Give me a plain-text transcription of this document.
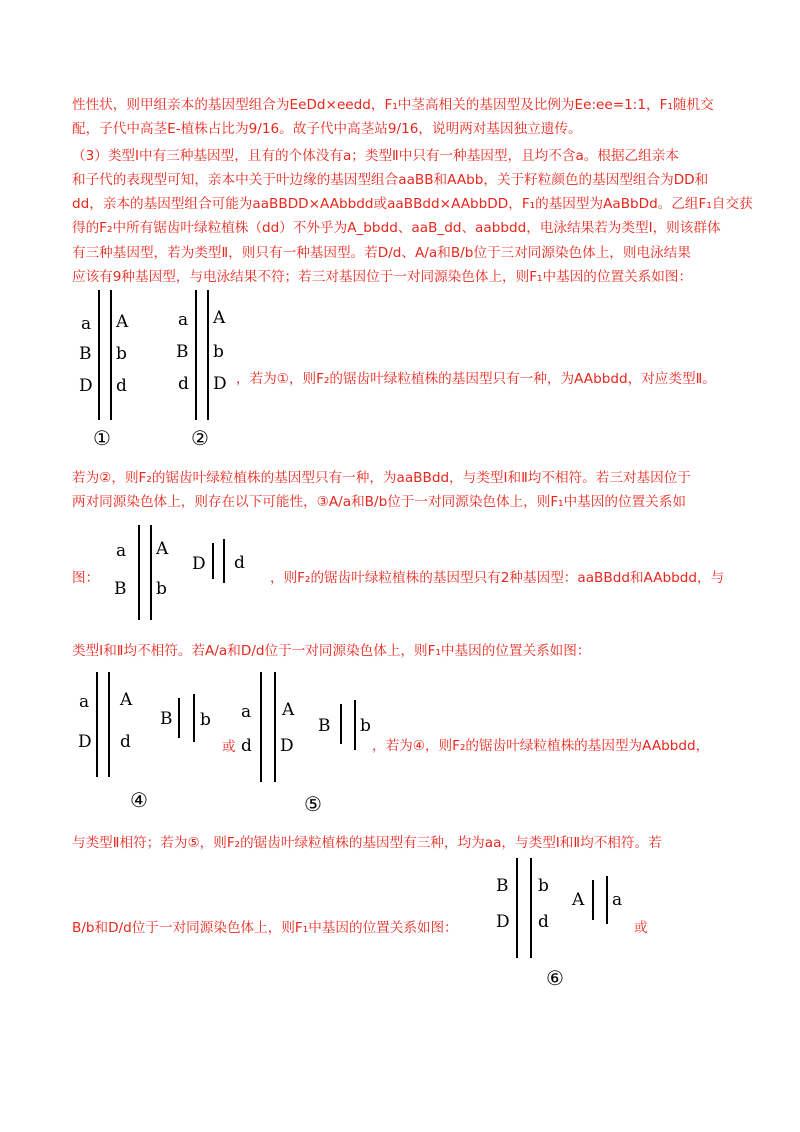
性性状，则甲组亲本的基因型组合为EeDd×eedd，F₁中茎高相关的基因型及比例为Ee:ee=1:1，F₁随机交

配，子代中高茎E-植株占比为9/16。故子代中高茎站9/16，说明两对基因独立遗传。

（3）类型Ⅰ中有三种基因型，且有的个体没有a；类型Ⅱ中只有一种基因型，且均不含a。根据乙组亲本

和子代的表现型可知，亲本中关于叶边缘的基因型组合aaBB和AAbb，关于籽粒颜色的基因型组合为DD和

dd，亲本的基因型组合可能为aaBBDD×AAbbdd或aaBBdd×AAbbDD，F₁的基因型为AaBbDd。乙组F₁自交获

得的F₂中所有锯齿叶绿粒植株（dd）不外乎为A_bbdd、aaB_dd、aabbdd，电泳结果若为类型Ⅰ，则该群体

有三种基因型，若为类型Ⅱ，则只有一种基因型。若D/d、A/a和B/b位于三对同源染色体上，则电泳结果

应该有9种基因型，与电泳结果不符；若三对基因位于一对同源染色体上，则F₁中基因的位置关系如图：

a
B
D
A
b
d
①
a
B
d
A
b
D
②
，若为①，则F₂的锯齿叶绿粒植株的基因型只有一种，为AAbbdd，对应类型Ⅱ。

若为②，则F₂的锯齿叶绿粒植株的基因型只有一种，为aaBBdd，与类型Ⅰ和Ⅱ均不相符。若三对基因位于

两对同源染色体上，则存在以下可能性，③A/a和B/b位于一对同源染色体上，则F₁中基因的位置关系如

图：
a
B
A
b
D d
，则F₂的锯齿叶绿粒植株的基因型只有2种基因型：aaBBdd和AAbbdd，与

类型Ⅰ和Ⅱ均不相符。若A/a和D/d位于一对同源染色体上，则F₁中基因的位置关系如图：

a
D
A
d
B b
④
或
a
d
A
D
B b
⑤
，若为④，则F₂的锯齿叶绿粒植株的基因型为AAbbdd，

与类型Ⅱ相符；若为⑤，则F₂的锯齿叶绿粒植株的基因型有三种，均为aa，与类型Ⅰ和Ⅱ均不相符。若

B/b和D/d位于一对同源染色体上，则F₁中基因的位置关系如图：
B
D
b
d
A a
⑥
或
